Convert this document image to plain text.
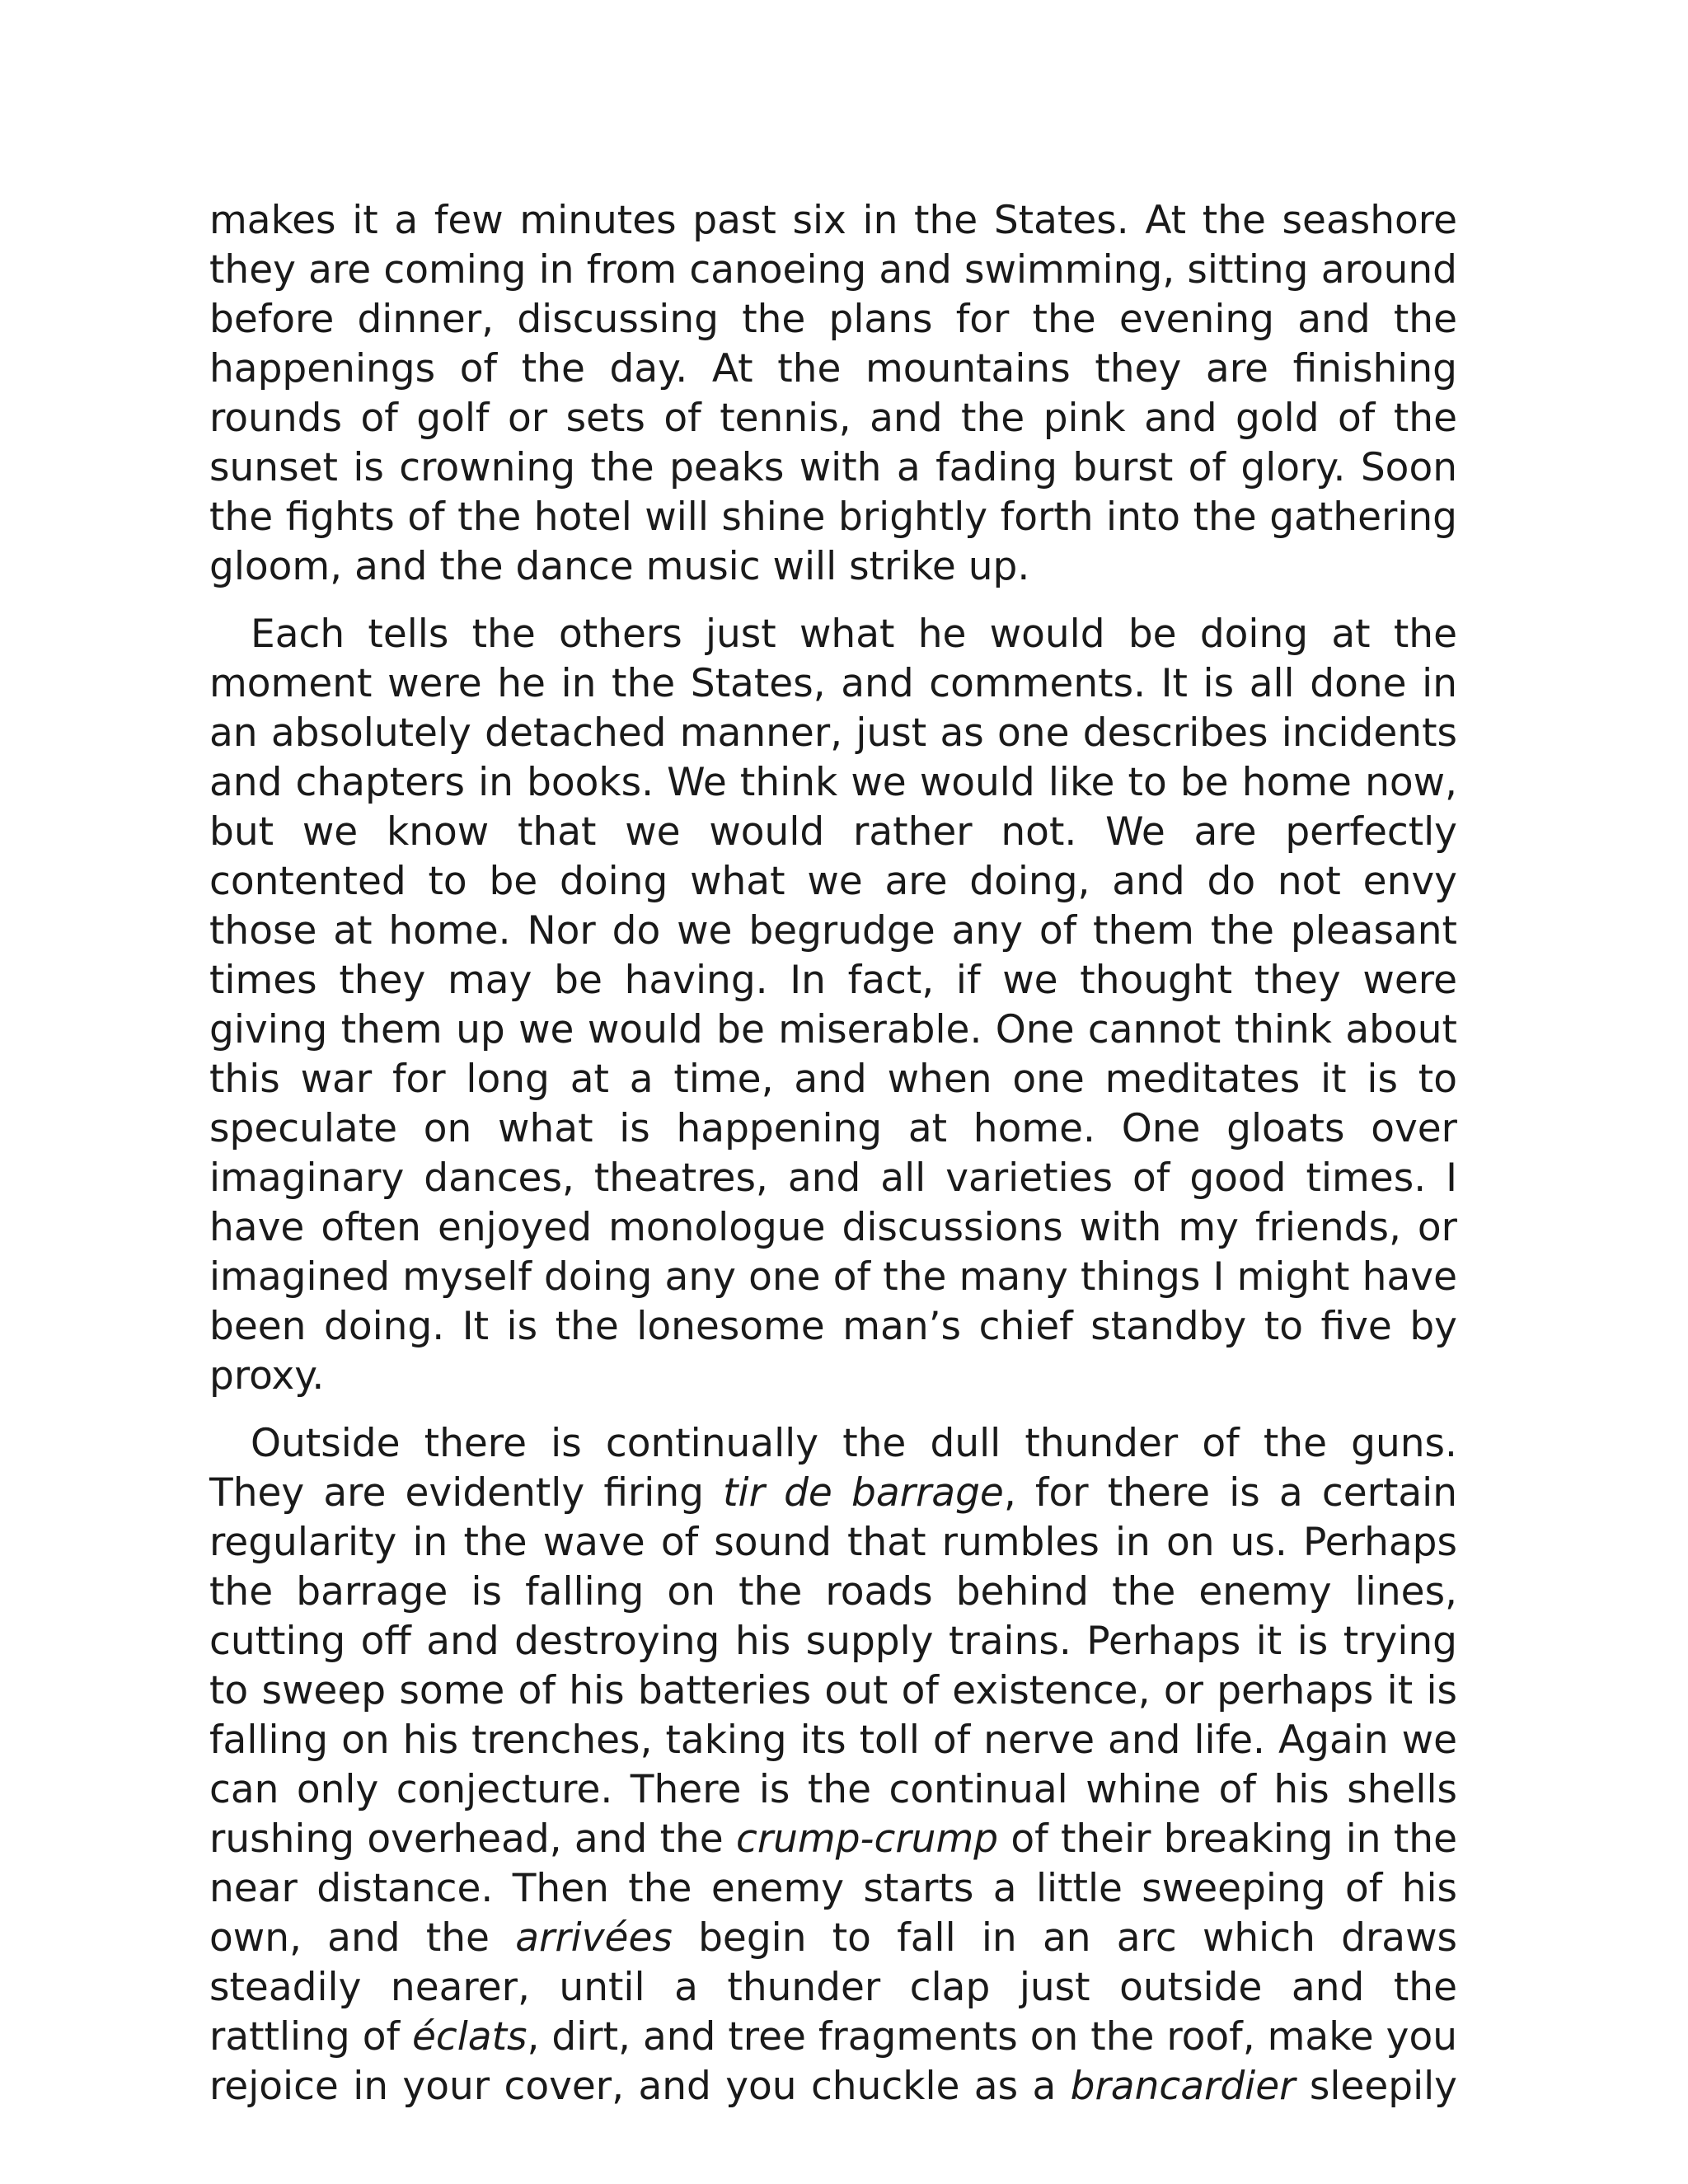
makes it a few minutes past six in the States. At the seashore they are coming in from canoeing and swimming, sitting around before dinner, discussing the plans for the evening and the happenings of the day. At the mountains they are finishing rounds of golf or sets of tennis, and the pink and gold of the sunset is crowning the peaks with a fading burst of glory. Soon the fights of the hotel will shine brightly forth into the gathering gloom, and the dance music will strike up.

Each tells the others just what he would be doing at the moment were he in the States, and comments. It is all done in an absolutely detached manner, just as one describes incidents and chapters in books. We think we would like to be home now, but we know that we would rather not. We are perfectly contented to be doing what we are doing, and do not envy those at home. Nor do we begrudge any of them the pleasant times they may be having. In fact, if we thought they were giving them up we would be miserable. One cannot think about this war for long at a time, and when one meditates it is to speculate on what is happening at home. One gloats over imaginary dances, theatres, and all varieties of good times. I have often enjoyed monologue discussions with my friends, or imagined myself doing any one of the many things I might have been doing. It is the lonesome man’s chief standby to five by proxy.

Outside there is continually the dull thunder of the guns. They are evidently firing tir de barrage, for there is a certain regularity in the wave of sound that rumbles in on us. Perhaps the barrage is falling on the roads behind the enemy lines, cutting off and destroying his supply trains. Perhaps it is trying to sweep some of his batteries out of existence, or perhaps it is falling on his trenches, taking its toll of nerve and life. Again we can only conjecture. There is the continual whine of his shells rushing overhead, and the crump-crump of their breaking in the near distance. Then the enemy starts a little sweeping of his own, and the arrivées begin to fall in an arc which draws steadily nearer, until a thunder clap just outside and the rattling of éclats, dirt, and tree fragments on the roof, make you rejoice in your cover, and you chuckle as a brancardier sleepily
